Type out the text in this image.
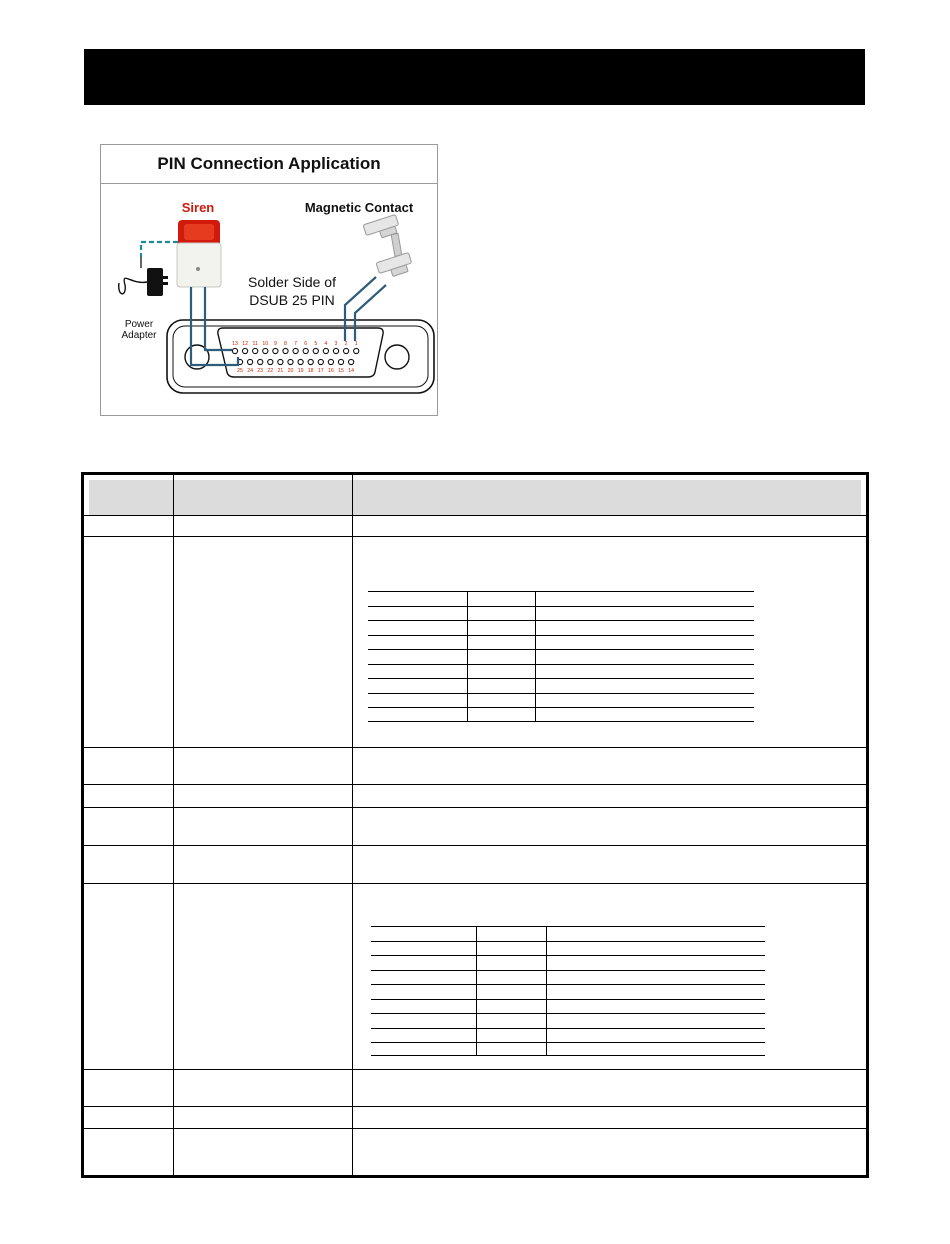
PIN Connection Application
Siren	Magnetic Contact
Power
Adapter
Solder Side of
DSUB 25 PIN
13 12 11 10 9 8 7 6 5 4 3 2 1
25 24 23 22 21 20 19 18 17 16 15 14
